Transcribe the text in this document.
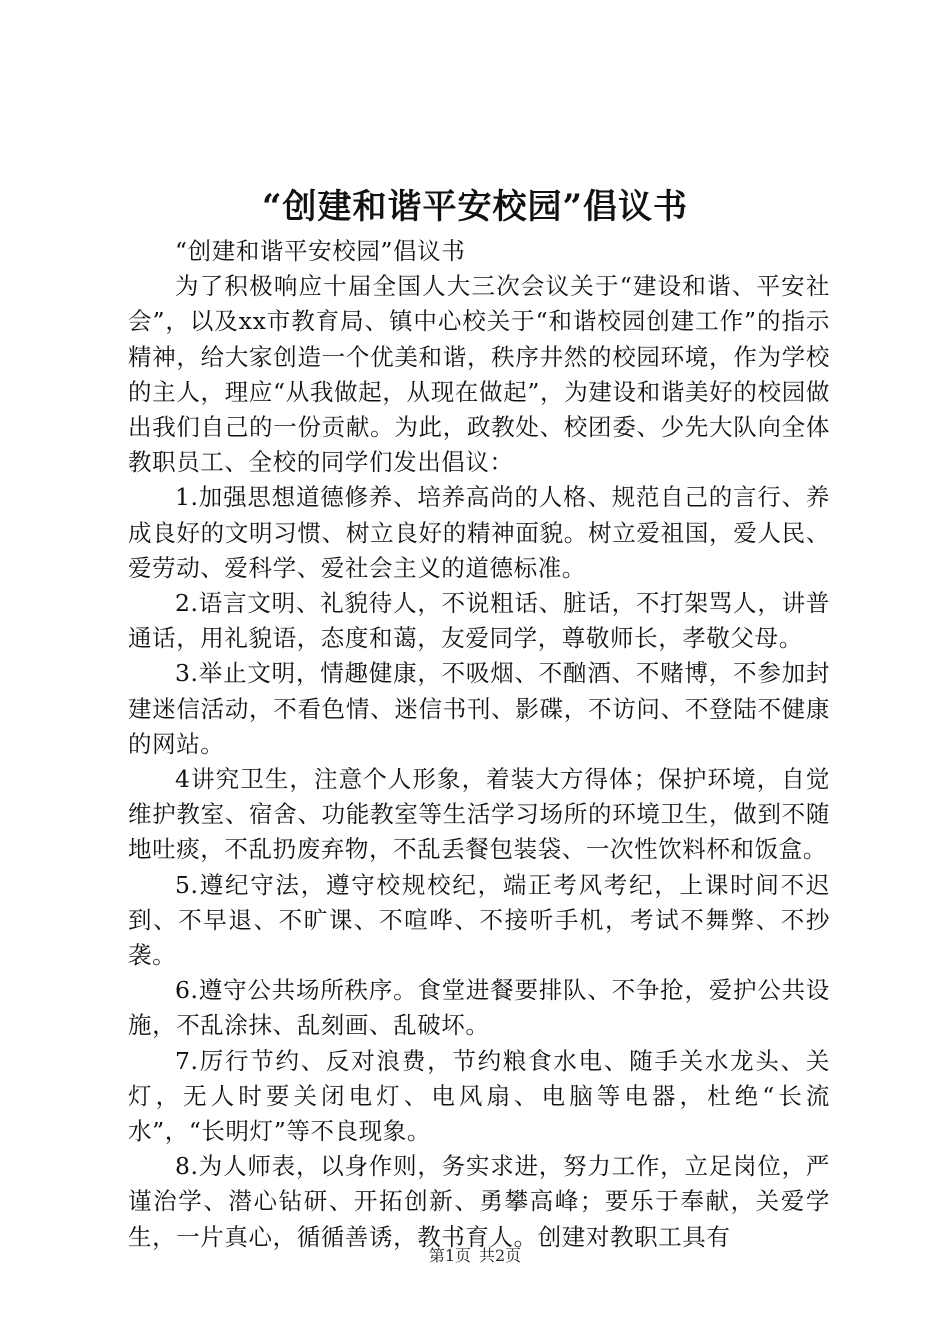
“创建和谐平安校园”倡议书

“创建和谐平安校园”倡议书

为了积极响应十届全国人大三次会议关于“建设和谐、平安社会”，以及xx市教育局、镇中心校关于“和谐校园创建工作”的指示精神，给大家创造一个优美和谐，秩序井然的校园环境，作为学校的主人，理应“从我做起，从现在做起”，为建设和谐美好的校园做出我们自己的一份贡献。为此，政教处、校团委、少先大队向全体教职员工、全校的同学们发出倡议：

1.加强思想道德修养、培养高尚的人格、规范自己的言行、养成良好的文明习惯、树立良好的精神面貌。树立爱祖国，爱人民、爱劳动、爱科学、爱社会主义的道德标准。

2.语言文明、礼貌待人，不说粗话、脏话，不打架骂人，讲普通话，用礼貌语，态度和蔼，友爱同学，尊敬师长，孝敬父母。

3.举止文明，情趣健康，不吸烟、不酗酒、不赌博，不参加封建迷信活动，不看色情、迷信书刊、影碟，不访问、不登陆不健康的网站。

4讲究卫生，注意个人形象，着装大方得体；保护环境，自觉维护教室、宿舍、功能教室等生活学习场所的环境卫生，做到不随地吐痰，不乱扔废弃物，不乱丢餐包装袋、一次性饮料杯和饭盒。

5.遵纪守法，遵守校规校纪，端正考风考纪，上课时间不迟到、不早退、不旷课、不喧哗、不接听手机，考试不舞弊、不抄袭。

6.遵守公共场所秩序。食堂进餐要排队、不争抢，爱护公共设施，不乱涂抹、乱刻画、乱破坏。

7.厉行节约、反对浪费，节约粮食水电、随手关水龙头、关灯，无人时要关闭电灯、电风扇、电脑等电器，杜绝“长流水”，“长明灯”等不良现象。

8.为人师表，以身作则，务实求进，努力工作，立足岗位，严谨治学、潜心钻研、开拓创新、勇攀高峰；要乐于奉献，关爱学生，一片真心，循循善诱，教书育人。创建对教职工具有

第1页 共2页
